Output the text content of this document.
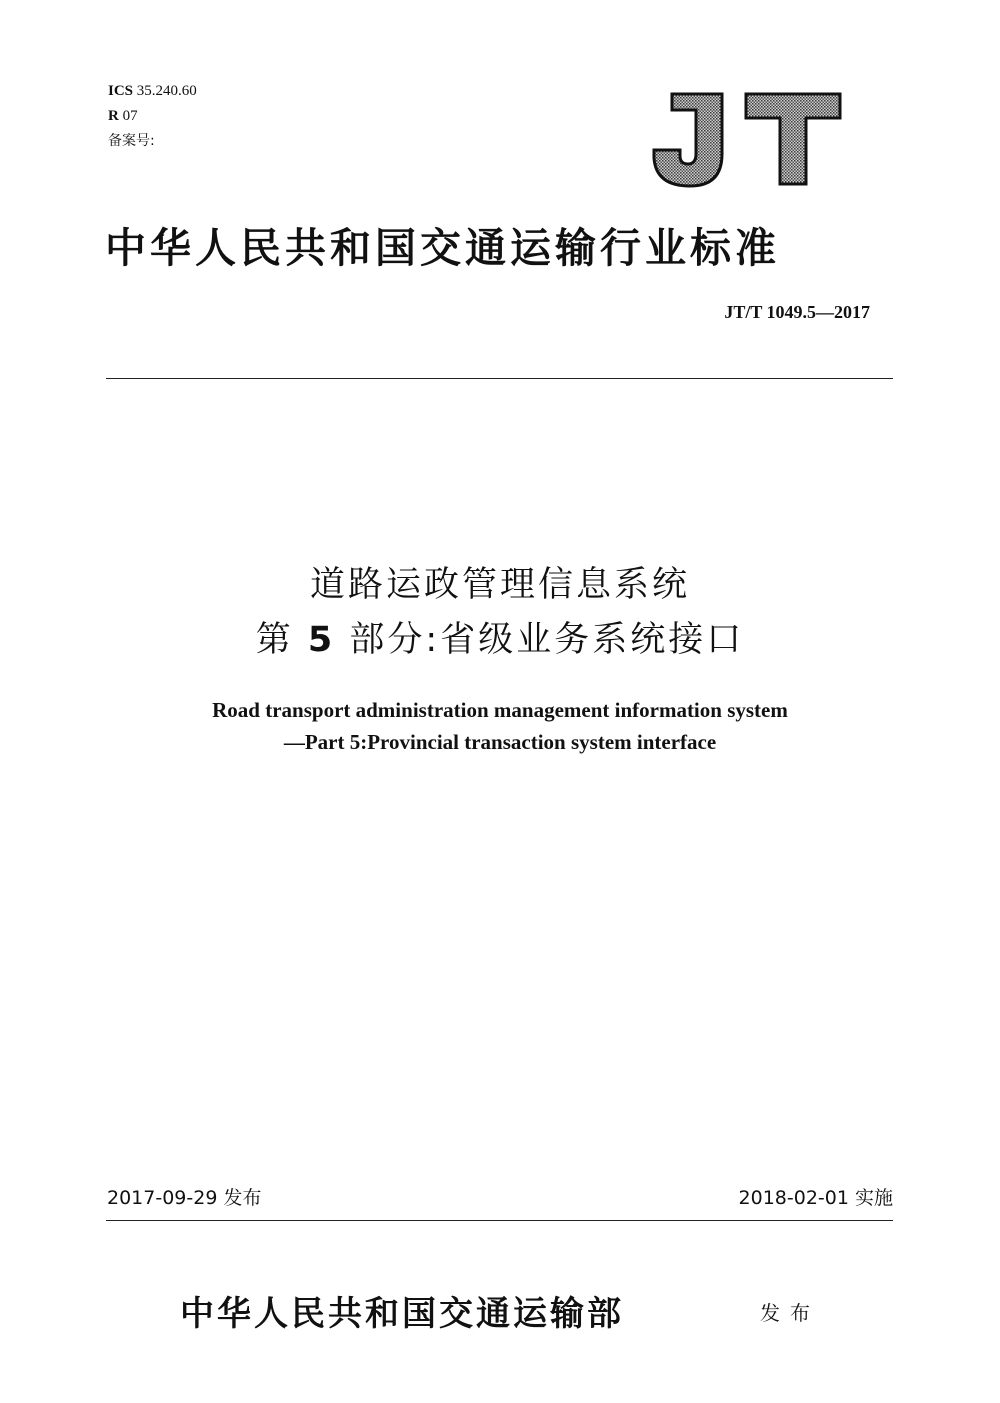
ICS 35.240.60
R 07
备案号:
中华人民共和国交通运输行业标准
JT/T 1049.5—2017
道路运政管理信息系统
第 5 部分:省级业务系统接口
Road transport administration management information system
—Part 5:Provincial transaction system interface
2017-09-29 发布	2018-02-01 实施
中华人民共和国交通运输部	发布
